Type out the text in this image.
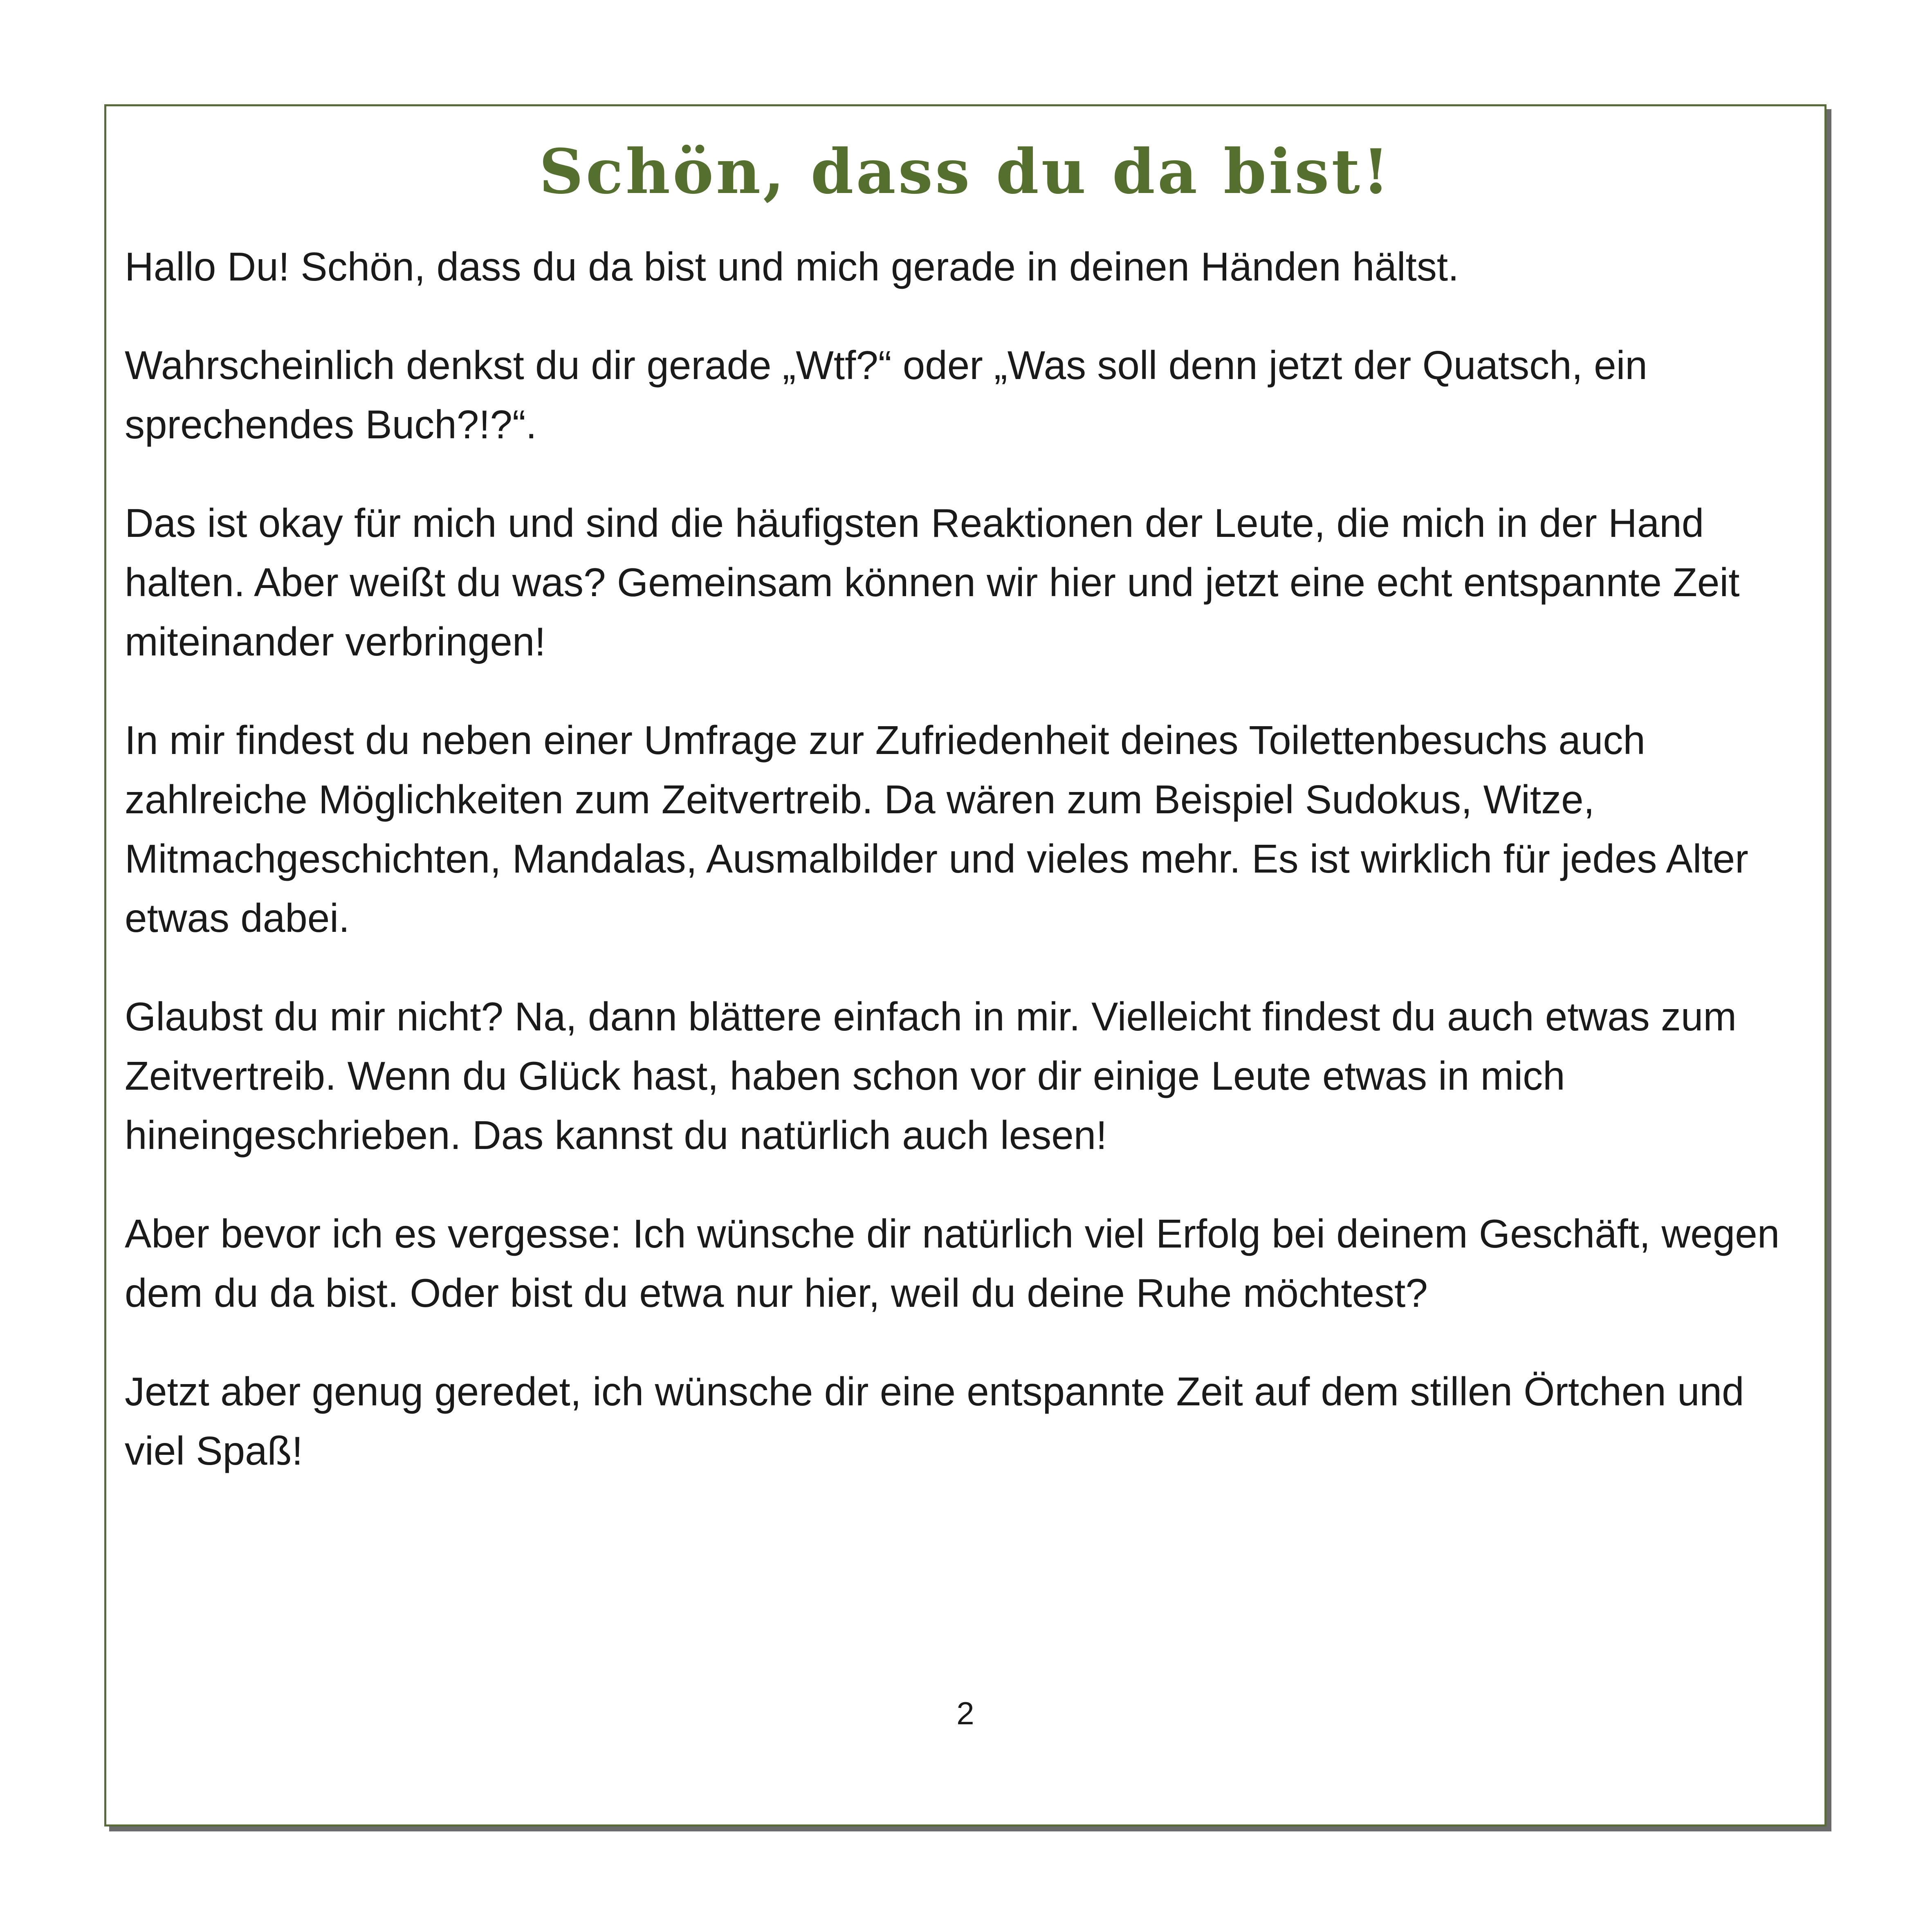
Schön, dass du da bist!

Hallo Du! Schön, dass du da bist und mich gerade in deinen Händen hältst.

Wahrscheinlich denkst du dir gerade „Wtf?“ oder „Was soll denn jetzt der Quatsch, ein sprechendes Buch?!?“.

Das ist okay für mich und sind die häufigsten Reaktionen der Leute, die mich in der Hand halten. Aber weißt du was? Gemeinsam können wir hier und jetzt eine echt entspannte Zeit miteinander verbringen!

In mir findest du neben einer Umfrage zur Zufriedenheit deines Toilettenbesuchs auch zahlreiche Möglichkeiten zum Zeitvertreib. Da wären zum Beispiel Sudokus, Witze, Mitmachgeschichten, Mandalas, Ausmalbilder und vieles mehr. Es ist wirklich für jedes Alter etwas dabei.

Glaubst du mir nicht? Na, dann blättere einfach in mir. Vielleicht findest du auch etwas zum Zeitvertreib. Wenn du Glück hast, haben schon vor dir einige Leute etwas in mich hineingeschrieben. Das kannst du natürlich auch lesen!

Aber bevor ich es vergesse: Ich wünsche dir natürlich viel Erfolg bei deinem Geschäft, wegen dem du da bist. Oder bist du etwa nur hier, weil du deine Ruhe möchtest?

Jetzt aber genug geredet, ich wünsche dir eine entspannte Zeit auf dem stillen Örtchen und viel Spaß!

2
